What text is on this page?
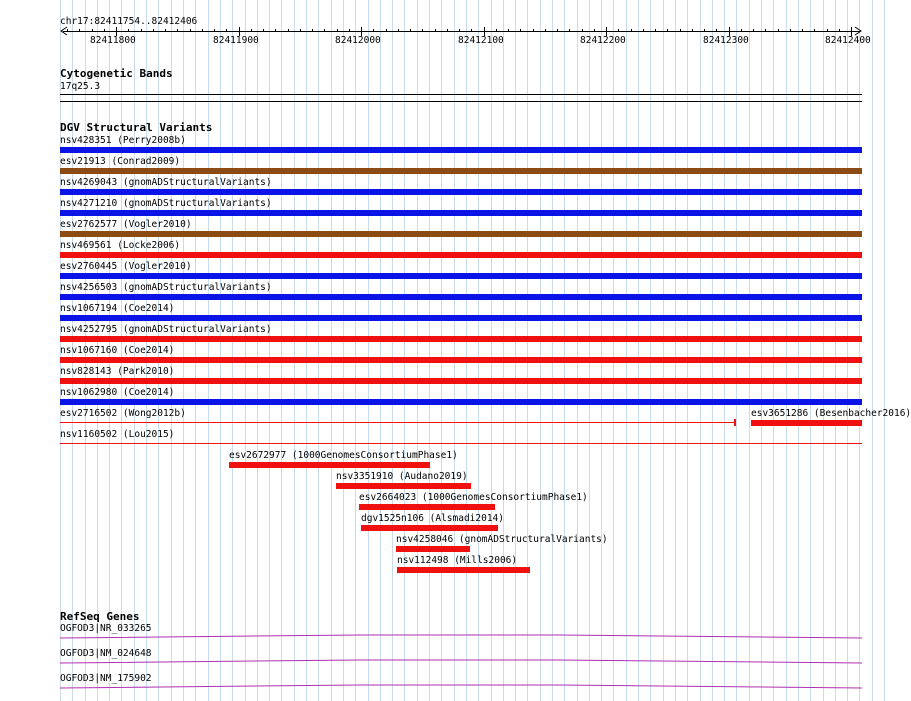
chr17:82411754..82412406
82411800	82411900	82412000	82412100	82412200	82412300	82412400
Cytogenetic Bands
17q25.3
DGV Structural Variants
nsv428351 (Perry2008b)
esv21913 (Conrad2009)
nsv4269043 (gnomADStructuralVariants)
nsv4271210 (gnomADStructuralVariants)
esv2762577 (Vogler2010)
nsv469561 (Locke2006)
esv2760445 (Vogler2010)
nsv4256503 (gnomADStructuralVariants)
nsv1067194 (Coe2014)
nsv4252795 (gnomADStructuralVariants)
nsv1067160 (Coe2014)
nsv828143 (Park2010)
nsv1062980 (Coe2014)
esv2716502 (Wong2012b)	esv3651286 (Besenbacher2016)
nsv1160502 (Lou2015)
esv2672977 (1000GenomesConsortiumPhase1)
nsv3351910 (Audano2019)
esv2664023 (1000GenomesConsortiumPhase1)
dgv1525n106 (Alsmadi2014)
nsv4258046 (gnomADStructuralVariants)
nsv112498 (Mills2006)
RefSeq Genes
OGFOD3|NR_033265
OGFOD3|NM_024648
OGFOD3|NM_175902
